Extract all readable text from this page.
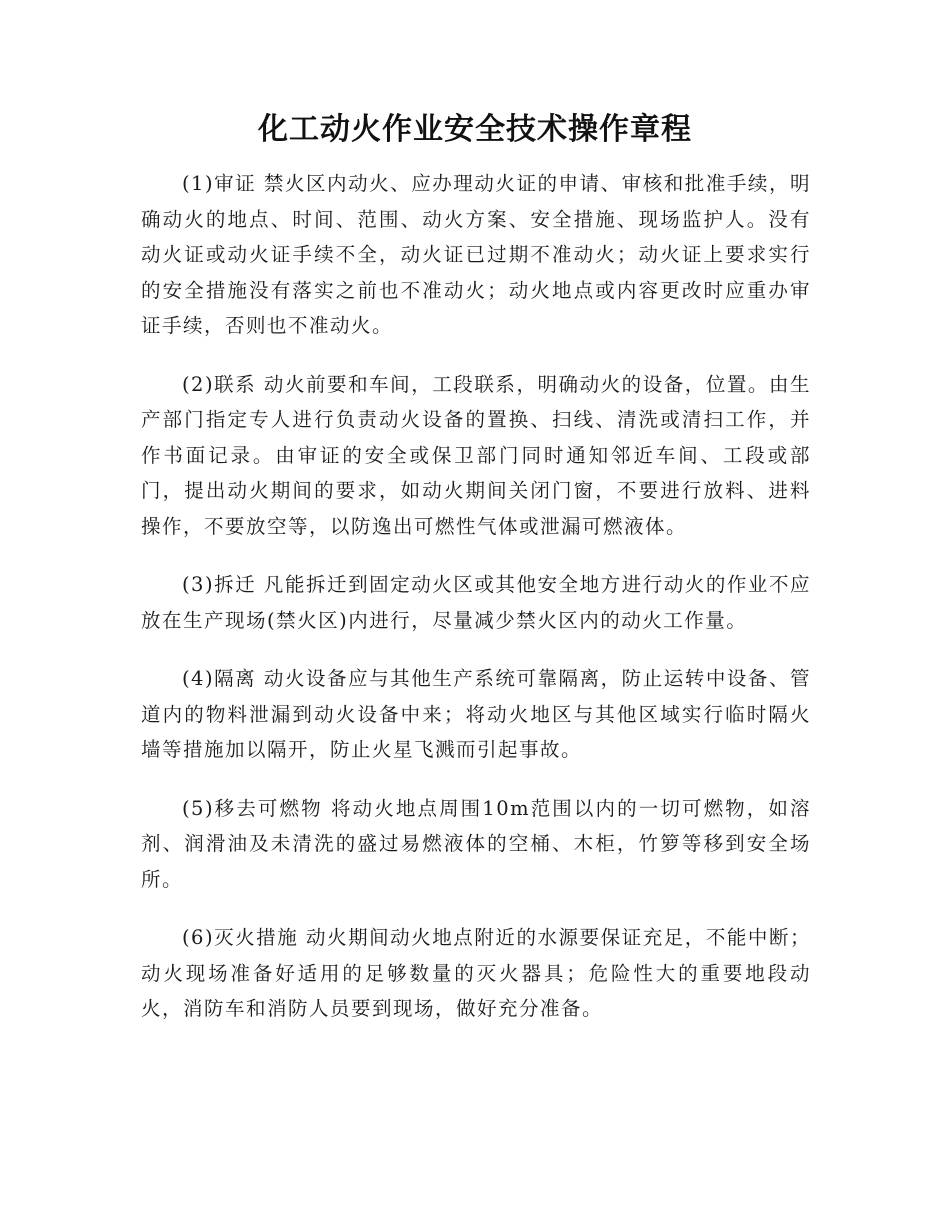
化工动火作业安全技术操作章程

(1)审证 禁火区内动火、应办理动火证的申请、审核和批准手续，明确动火的地点、时间、范围、动火方案、安全措施、现场监护人。没有动火证或动火证手续不全，动火证已过期不准动火；动火证上要求实行的安全措施没有落实之前也不准动火；动火地点或内容更改时应重办审证手续，否则也不准动火。

(2)联系 动火前要和车间，工段联系，明确动火的设备，位置。由生产部门指定专人进行负责动火设备的置换、扫线、清洗或清扫工作，并作书面记录。由审证的安全或保卫部门同时通知邻近车间、工段或部门，提出动火期间的要求，如动火期间关闭门窗，不要进行放料、进料操作，不要放空等，以防逸出可燃性气体或泄漏可燃液体。

(3)拆迁 凡能拆迁到固定动火区或其他安全地方进行动火的作业不应放在生产现场(禁火区)内进行，尽量减少禁火区内的动火工作量。

(4)隔离 动火设备应与其他生产系统可靠隔离，防止运转中设备、管道内的物料泄漏到动火设备中来；将动火地区与其他区域实行临时隔火墙等措施加以隔开，防止火星飞溅而引起事故。

(5)移去可燃物 将动火地点周围10m范围以内的一切可燃物，如溶剂、润滑油及未清洗的盛过易燃液体的空桶、木柜，竹箩等移到安全场所。

(6)灭火措施 动火期间动火地点附近的水源要保证充足，不能中断；动火现场准备好适用的足够数量的灭火器具；危险性大的重要地段动火，消防车和消防人员要到现场，做好充分准备。
